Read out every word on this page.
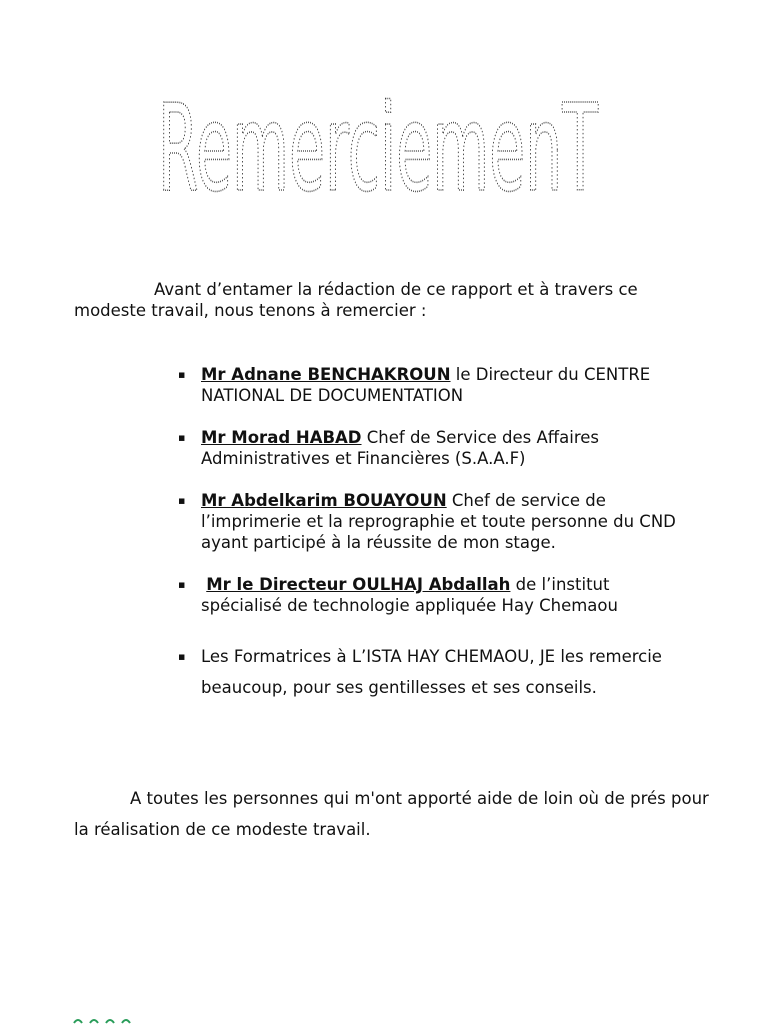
RemerciemenT

Avant d’entamer la rédaction de ce rapport et à travers ce modeste travail, nous tenons à remercier :

▪ Mr Adnane BENCHAKROUN le Directeur du CENTRE NATIONAL DE DOCUMENTATION
▪ Mr Morad HABAD Chef de Service des Affaires Administratives et Financières (S.A.A.F)
▪ Mr Abdelkarim BOUAYOUN Chef de service de l’imprimerie et la reprographie et toute personne du CND ayant participé à la réussite de mon stage.
▪	Mr le Directeur OULHAJ Abdallah de l’institut spécialisé de technologie appliquée Hay Chemaou
▪ Les Formatrices à L’ISTA HAY CHEMAOU, JE les remercie beaucoup, pour ses gentillesses et ses conseils.

A toutes les personnes qui m'ont apporté aide de loin où de prés pour la réalisation de ce modeste travail.
